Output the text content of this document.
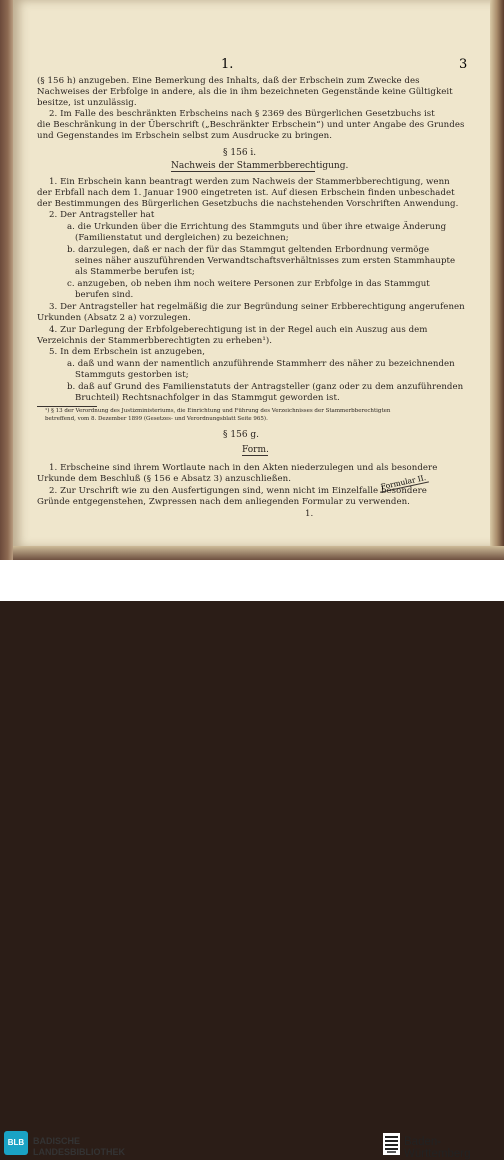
1.	3
(§ 156 h) anzugeben. Eine Bemerkung des Inhalts, daß der Erbschein zum Zwecke des
Nachweises der Erbfolge in andere, als die in ihm bezeichneten Gegenstände keine Gültigkeit
besitze, ist unzulässig.
2. Im Falle des beschränkten Erbscheins nach § 2369 des Bürgerlichen Gesetzbuchs ist
die Beschränkung in der Überschrift („Beschränkter Erbschein“) und unter Angabe des Grundes
und Gegenstandes im Erbschein selbst zum Ausdrucke zu bringen.
§ 156 i.
Nachweis der Stammerbberechtigung.
1. Ein Erbschein kann beantragt werden zum Nachweis der Stammerbberechtigung, wenn
der Erbfall nach dem 1. Januar 1900 eingetreten ist. Auf diesen Erbschein finden unbeschadet
der Bestimmungen des Bürgerlichen Gesetzbuchs die nachstehenden Vorschriften Anwendung.
2. Der Antragsteller hat
a. die Urkunden über die Errichtung des Stammguts und über ihre etwaige Änderung
(Familienstatut und dergleichen) zu bezeichnen;
b. darzulegen, daß er nach der für das Stammgut geltenden Erbordnung vermöge
seines näher auszuführenden Verwandtschaftsverhältnisses zum ersten Stammhaupte
als Stammerbe berufen ist;
c. anzugeben, ob neben ihm noch weitere Personen zur Erbfolge in das Stammgut
berufen sind.
3. Der Antragsteller hat regelmäßig die zur Begründung seiner Erbberechtigung angerufenen
Urkunden (Absatz 2 a) vorzulegen.
4. Zur Darlegung der Erbfolgeberechtigung ist in der Regel auch ein Auszug aus dem
Verzeichnis der Stammerbberechtigten zu erheben¹).
5. In dem Erbschein ist anzugeben,
a. daß und wann der namentlich anzuführende Stammherr des näher zu bezeichnenden
Stammguts gestorben ist;
b. daß auf Grund des Familienstatuts der Antragsteller (ganz oder zu dem anzuführenden
Bruchteil) Rechtsnachfolger in das Stammgut geworden ist.
¹) § 13 der Verordnung des Justizministeriums, die Einrichtung und Führung des Verzeichnisses der Stammerbberechtigten
betreffend, vom 8. Dezember 1899 (Gesetzes- und Verordnungsblatt Seite 965).
§ 156 g.
Form.
1. Erbscheine sind ihrem Wortlaute nach in den Akten niederzulegen und als besondere
Urkunde dem Beschluß (§ 156 e Absatz 3) anzuschließen.
2. Zur Urschrift wie zu den Ausfertigungen sind, wenn nicht im Einzelfalle besondere
Gründe entgegenstehen, Zwpressen nach dem anliegenden Formular zu verwenden.
1.
Formular II.
BLB BADISCHE
LANDESBIBLIOTHEK
Baden-Württemberg
